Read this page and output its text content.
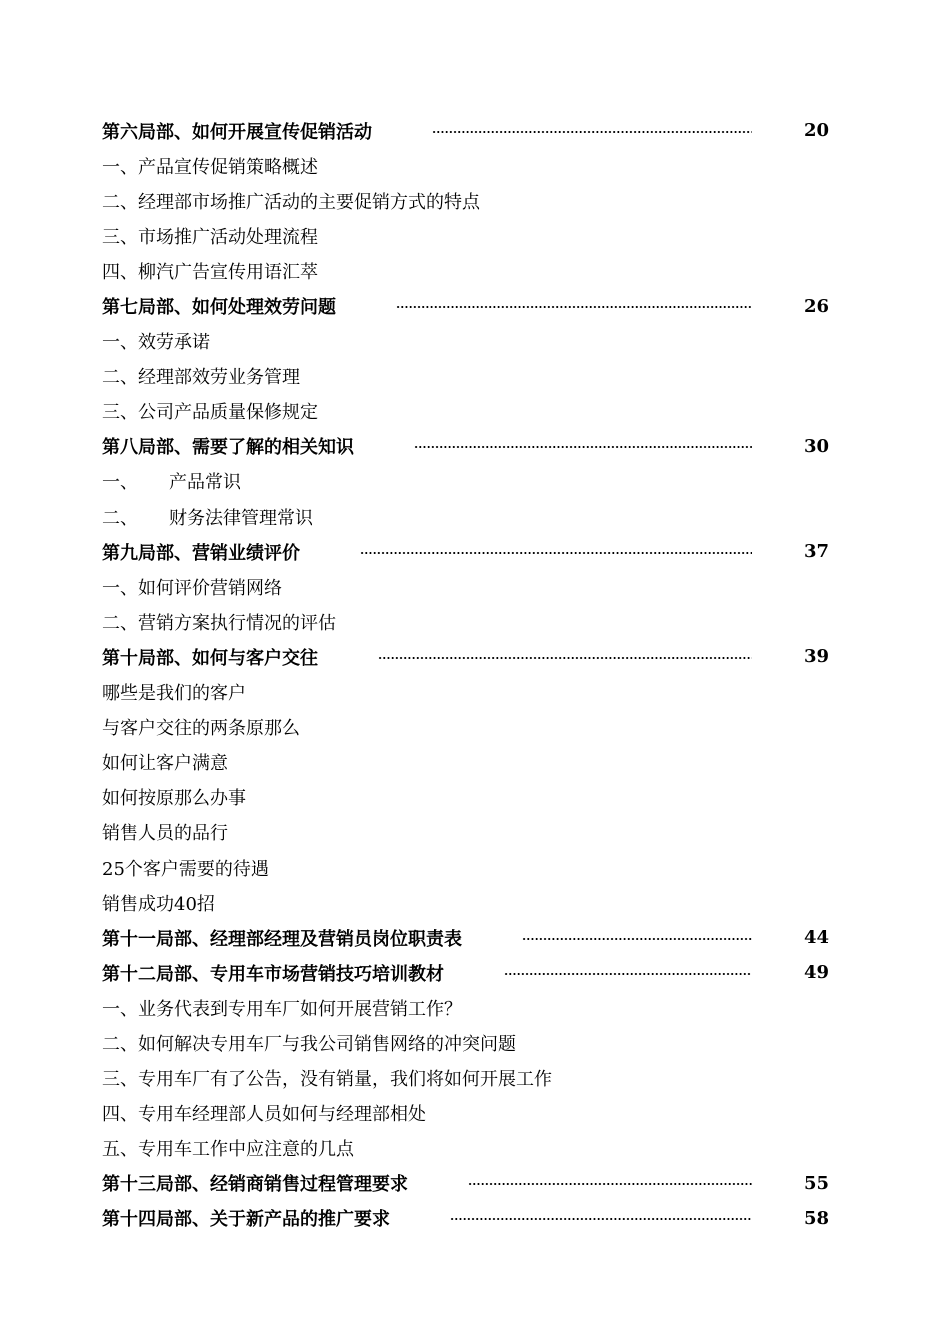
第六局部、如何开展宣传促销活动	20
一、产品宣传促销策略概述
二、经理部市场推广活动的主要促销方式的特点
三、市场推广活动处理流程
四、柳汽广告宣传用语汇萃
第七局部、如何处理效劳问题	26
一、效劳承诺
二、经理部效劳业务管理
三、公司产品质量保修规定
第八局部、需要了解的相关知识	30
一、	产品常识
二、	财务法律管理常识
第九局部、营销业绩评价	37
一、如何评价营销网络
二、营销方案执行情况的评估
第十局部、如何与客户交往	39
哪些是我们的客户
与客户交往的两条原那么
如何让客户满意
如何按原那么办事
销售人员的品行
25个客户需要的待遇
销售成功40招
第十一局部、经理部经理及营销员岗位职责表	44
第十二局部、专用车市场营销技巧培训教材	49
一、业务代表到专用车厂如何开展营销工作？
二、如何解决专用车厂与我公司销售网络的冲突问题
三、专用车厂有了公告，没有销量，我们将如何开展工作
四、专用车经理部人员如何与经理部相处
五、专用车工作中应注意的几点
第十三局部、经销商销售过程管理要求	55
第十四局部、关于新产品的推广要求	58
